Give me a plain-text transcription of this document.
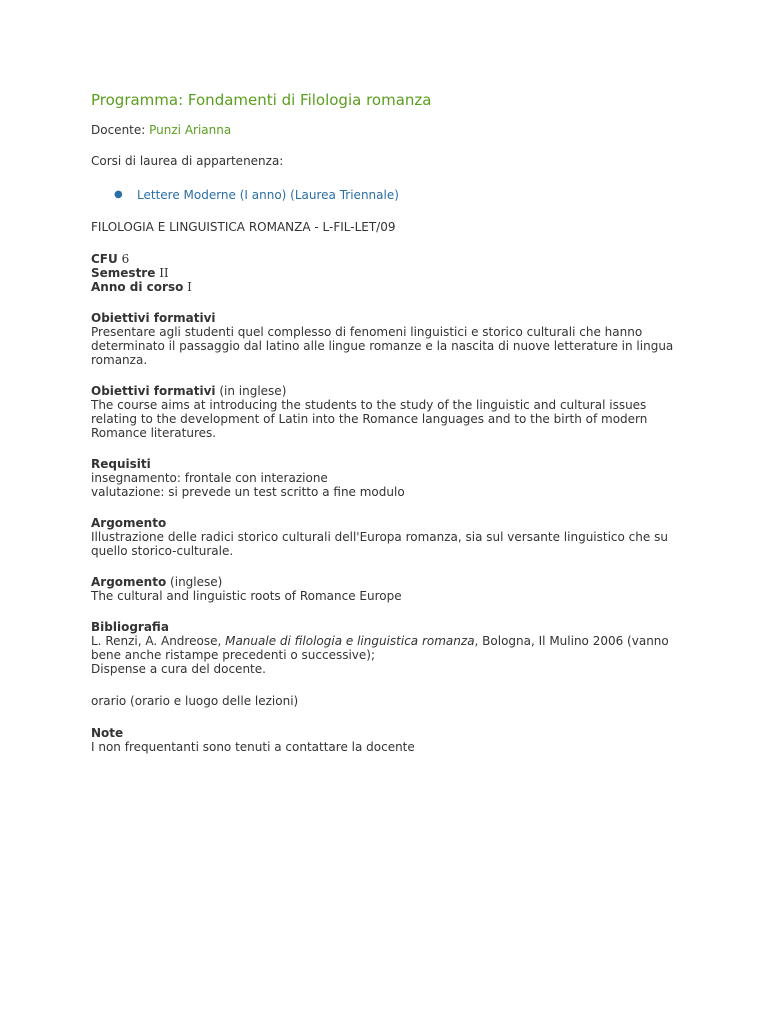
Programma: Fondamenti di Filologia romanza

Docente: Punzi Arianna

Corsi di laurea di appartenenza:

● Lettere Moderne (I anno) (Laurea Triennale)

FILOLOGIA E LINGUISTICA ROMANZA - L-FIL-LET/09

CFU 6

Semestre II

Anno di corso I

Obiettivi formativi

Presentare agli studenti quel complesso di fenomeni linguistici e storico culturali che hanno

determinato il passaggio dal latino alle lingue romanze e la nascita di nuove letterature in lingua

romanza.

Obiettivi formativi (in inglese)

The course aims at introducing the students to the study of the linguistic and cultural issues

relating to the development of Latin into the Romance languages and to the birth of modern

Romance literatures.

Requisiti

insegnamento: frontale con interazione

valutazione: si prevede un test scritto a fine modulo

Argomento

Illustrazione delle radici storico culturali dell'Europa romanza, sia sul versante linguistico che su

quello storico-culturale.

Argomento (inglese)

The cultural and linguistic roots of Romance Europe

Bibliografia

L. Renzi, A. Andreose, Manuale di filologia e linguistica romanza, Bologna, Il Mulino 2006 (vanno

bene anche ristampe precedenti o successive);

Dispense a cura del docente.

orario (orario e luogo delle lezioni)

Note

I non frequentanti sono tenuti a contattare la docente
